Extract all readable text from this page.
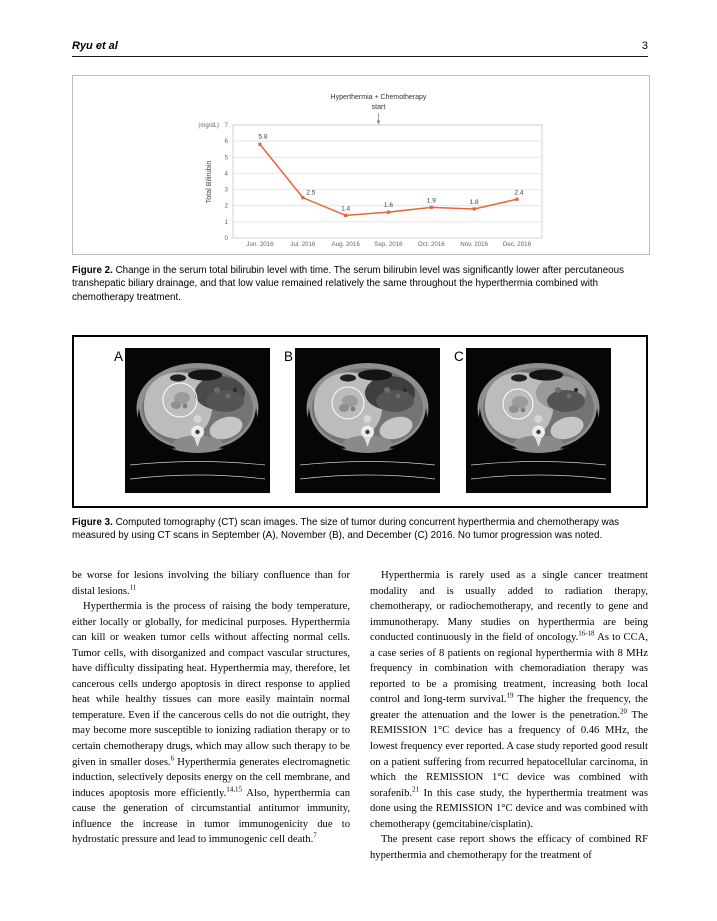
Ryu et al	3
0
1
2
3
4
5
6
7
(mg/dL)
Total Bilirubin
Jun. 2016	Jul. 2016	Aug. 2016 Sep. 2016 Oct. 2016	Nov. 2016 Dec. 2016
Hyperthermia + Chemotherapy
start
5.8
2.5
1.4	1.6
1.9	1.8
2.4
Figure 2. Change in the serum total bilirubin level with time. The serum bilirubin level was significantly lower after percutaneous transhepatic biliary drainage, and that low value remained relatively the same throughout the hyperthermia combined with chemotherapy treatment.
A	B	C
Figure 3. Computed tomography (CT) scan images. The size of tumor during concurrent hyperthermia and chemotherapy was measured by using CT scans in September (A), November (B), and December (C) 2016. No tumor progression was noted.

be worse for lesions involving the biliary confluence than for distal lesions.$^{11}$

Hyperthermia is the process of raising the body temperature, either locally or globally, for medicinal purposes. Hyperthermia can kill or weaken tumor cells without affecting normal cells. Tumor cells, with disorganized and compact vascular structures, have difficulty dissipating heat. Hyperthermia may, therefore, let cancerous cells undergo apoptosis in direct response to applied heat while healthy tissues can more easily maintain normal temperature. Even if the cancerous cells do not die outright, they may become more susceptible to ionizing radiation therapy or to certain chemotherapy drugs, which may allow such therapy to be given in smaller doses.$^6$ Hyperthermia generates electromagnetic induction, selectively deposits energy on the cell membrane, and induces apoptosis more efficiently.$^{14,15}$ Also, hyperthermia can cause the generation of circumstantial antitumor immunity, influence the increase in tumor immunogenicity due to hydrostatic pressure and lead to immunogenic cell death.$^7$

Hyperthermia is rarely used as a single cancer treatment modality and is usually added to radiation therapy, chemotherapy, or radiochemotherapy, and recently to gene and immunotherapy. Many studies on hyperthermia are being conducted continuously in the field of oncology.$^{16-18}$ As to CCA, a case series of 8 patients on regional hyperthermia with 8 MHz frequency in combination with chemoradiation therapy was reported to be a promising treatment, increasing both local control and long-term survival.$^{19}$ The higher the frequency, the greater the attenuation and the lower is the penetration.$^{20}$ The REMISSION 1°C device has a frequency of 0.46 MHz, the lowest frequency ever reported. A case study reported good result on a patient suffering from recurred hepatocellular carcinoma, in which the REMISSION 1°C device was combined with sorafenib.$^{21}$ In this case study, the hyperthermia treatment was done using the REMISSION 1°C device and was combined with chemotherapy (gemcitabine/cisplatin).

The present case report shows the efficacy of combined RF hyperthermia and chemotherapy for the treatment of
